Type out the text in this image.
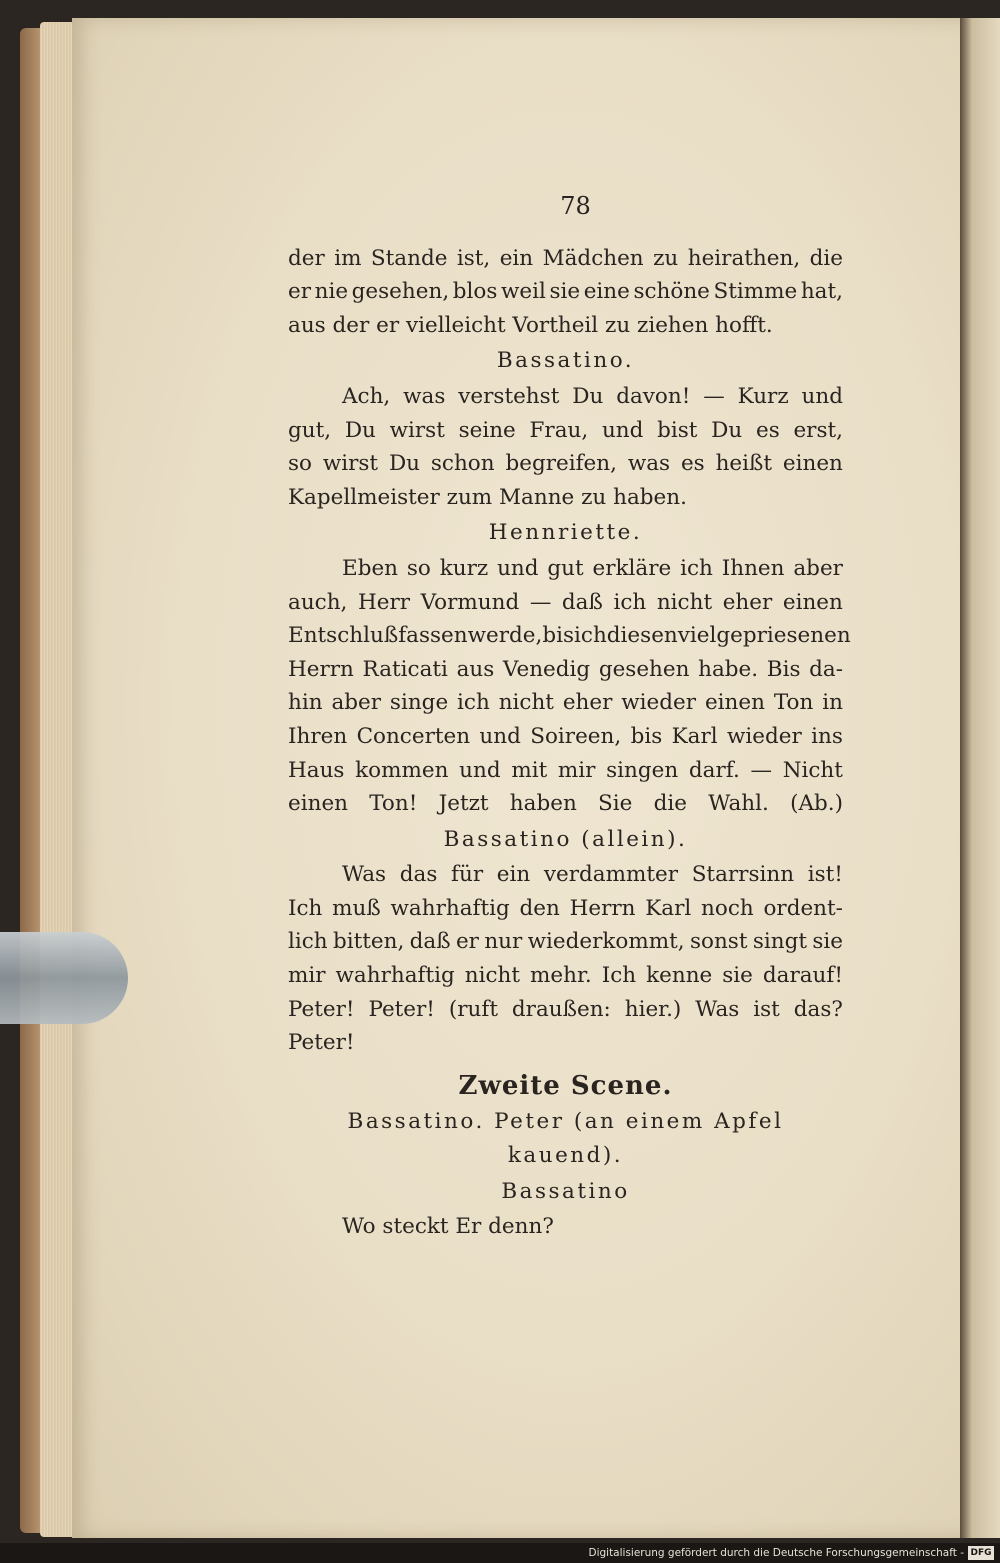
78
der im Stande ist, ein Mädchen zu heirathen, die
er nie gesehen, blos weil sie eine schöne Stimme hat,
aus der er vielleicht Vortheil zu ziehen hofft.
Bassatino.
Ach, was verstehst Du davon! — Kurz und
gut, Du wirst seine Frau, und bist Du es erst,
so wirst Du schon begreifen, was es heißt einen
Kapellmeister zum Manne zu haben.
Hennriette.
Eben so kurz und gut erkläre ich Ihnen aber
auch, Herr Vormund — daß ich nicht eher einen
Entschluß fassen werde, bis ich diesen viel gepriesenen
Herrn Raticati aus Venedig gesehen habe. Bis da-
hin aber singe ich nicht eher wieder einen Ton in
Ihren Concerten und Soireen, bis Karl wieder ins
Haus kommen und mit mir singen darf. — Nicht
einen Ton! Jetzt haben Sie die Wahl. (Ab.)
Bassatino (allein).
Was das für ein verdammter Starrsinn ist!
Ich muß wahrhaftig den Herrn Karl noch ordent-
lich bitten, daß er nur wiederkommt, sonst singt sie
mir wahrhaftig nicht mehr. Ich kenne sie darauf!
Peter! Peter! (ruft draußen: hier.) Was ist das?
Peter!
Zweite Scene.
Bassatino. Peter (an einem Apfel kauend).
Bassatino
Wo steckt Er denn?
Digitalisierung gefördert durch die Deutsche Forschungsgemeinschaft - DFG
